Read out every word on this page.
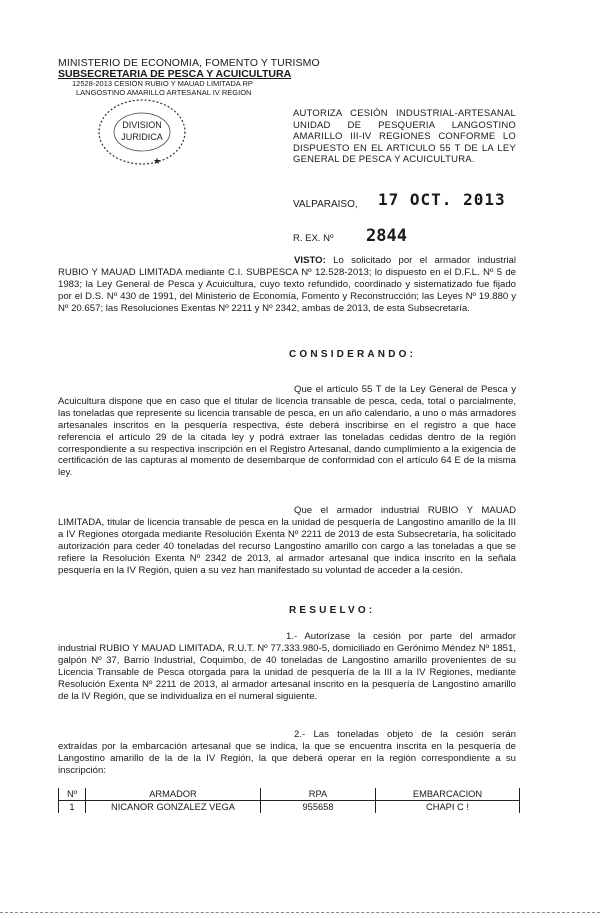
MINISTERIO DE ECONOMIA, FOMENTO Y TURISMO
SUBSECRETARIA DE PESCA Y ACUICULTURA
12528-2013 CESION RUBIO Y MAUAD LIMITADA RP
LANGOSTINO AMARILLO ARTESANAL IV REGION
DIVISION
JURIDICA
★
AUTORIZA CESIÓN INDUSTRIAL-ARTESANAL UNIDAD DE PESQUERIA LANGOSTINO AMARILLO III-IV REGIONES CONFORME LO DISPUESTO EN EL ARTICULO 55 T DE LA LEY GENERAL DE PESCA Y ACUICULTURA.
VALPARAISO, 17 OCT. 2013
R. EX. Nº 2844
VISTO: Lo solicitado por el armador industrial RUBIO Y MAUAD LIMITADA mediante C.I. SUBPESCA Nº 12.528-2013; lo dispuesto en el D.F.L. Nº 5 de 1983; la Ley General de Pesca y Acuicultura, cuyo texto refundido, coordinado y sistematizado fue fijado por el D.S. Nº 430 de 1991, del Ministerio de Economía, Fomento y Reconstrucción; las Leyes Nº 19.880 y Nº 20.657; las Resoluciones Exentas Nº 2211 y Nº 2342, ambas de 2013, de esta Subsecretaría.
CONSIDERANDO:
Que el artículo 55 T de la Ley General de Pesca y Acuicultura dispone que en caso que el titular de licencia transable de pesca, ceda, total o parcialmente, las toneladas que represente su licencia transable de pesca, en un año calendario, a uno o más armadores artesanales inscritos en la pesquería respectiva, éste deberá inscribirse en el registro a que hace referencia el artículo 29 de la citada ley y podrá extraer las toneladas cedidas dentro de la región correspondiente a su respectiva inscripción en el Registro Artesanal, dando cumplimiento a la exigencia de certificación de las capturas al momento de desembarque de conformidad con el artículo 64 E de la misma ley.
Que el armador industrial RUBIO Y MAUAD LIMITADA, titular de licencia transable de pesca en la unidad de pesquería de Langostino amarillo de la III a IV Regiones otorgada mediante Resolución Exenta Nº 2211 de 2013 de esta Subsecretaría, ha solicitado autorización para ceder 40 toneladas del recurso Langostino amarillo con cargo a las toneladas a que se refiere la Resolución Exenta Nº 2342 de 2013, al armador artesanal que indica inscrito en la señala pesquería en la IV Región, quien a su vez han manifestado su voluntad de acceder a la cesión.
RESUELVO:
1.- Autorízase la cesión por parte del armador industrial RUBIO Y MAUAD LIMITADA, R.U.T. Nº 77.333.980-5, domiciliado en Gerónimo Méndez Nº 1851, galpón Nº 37, Barrio Industrial, Coquimbo, de 40 toneladas de Langostino amarillo provenientes de su Licencia Transable de Pesca otorgada para la unidad de pesquería de la III a la IV Regiones, mediante Resolución Exenta Nº 2211 de 2013, al armador artesanal inscrito en la pesquería de Langostino amarillo de la IV Región, que se individualiza en el numeral siguiente.
2.- Las toneladas objeto de la cesión serán extraídas por la embarcación artesanal que se indica, la que se encuentra inscrita en la pesquería de Langostino amarillo de la de la IV Región, la que deberá operar en la región correspondiente a su inscripción:
Nº	ARMADOR	RPA	EMBARCACION
1	NICANOR GONZALEZ VEGA	955658	CHAPI C !
